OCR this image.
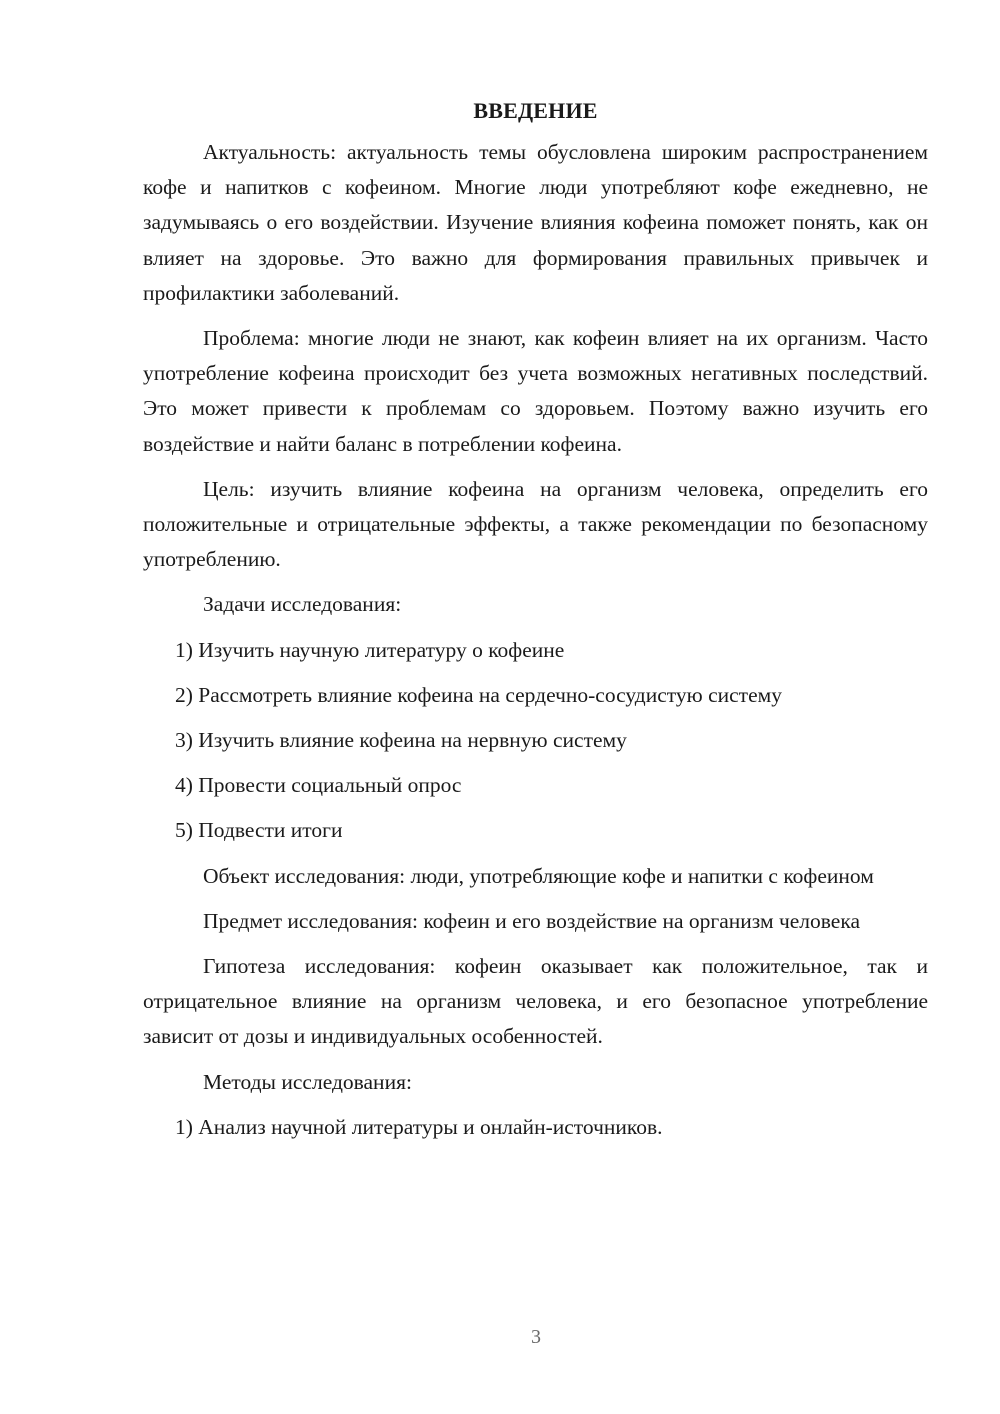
ВВЕДЕНИЕ

Актуальность: актуальность темы обусловлена широким распространением кофе и напитков с кофеином. Многие люди употребляют кофе ежедневно, не задумываясь о его воздействии. Изучение влияния кофеина поможет понять, как он влияет на здоровье. Это важно для формирования правильных привычек и профилактики заболеваний.

Проблема: многие люди не знают, как кофеин влияет на их организм. Часто употребление кофеина происходит без учета возможных негативных последствий. Это может привести к проблемам со здоровьем. Поэтому важно изучить его воздействие и найти баланс в потреблении кофеина.

Цель: изучить влияние кофеина на организм человека, определить его положительные и отрицательные эффекты, а также рекомендации по безопасному употреблению.

Задачи исследования:

1) Изучить научную литературу о кофеине

2) Рассмотреть влияние кофеина на сердечно-сосудистую систему

3) Изучить влияние кофеина на нервную систему

4) Провести социальный опрос

5) Подвести итоги

Объект исследования: люди, употребляющие кофе и напитки с кофеином

Предмет исследования: кофеин и его воздействие на организм человека

Гипотеза исследования: кофеин оказывает как положительное, так и отрицательное влияние на организм человека, и его безопасное употребление зависит от дозы и индивидуальных особенностей.

Методы исследования:

1) Анализ научной литературы и онлайн-источников.

3
